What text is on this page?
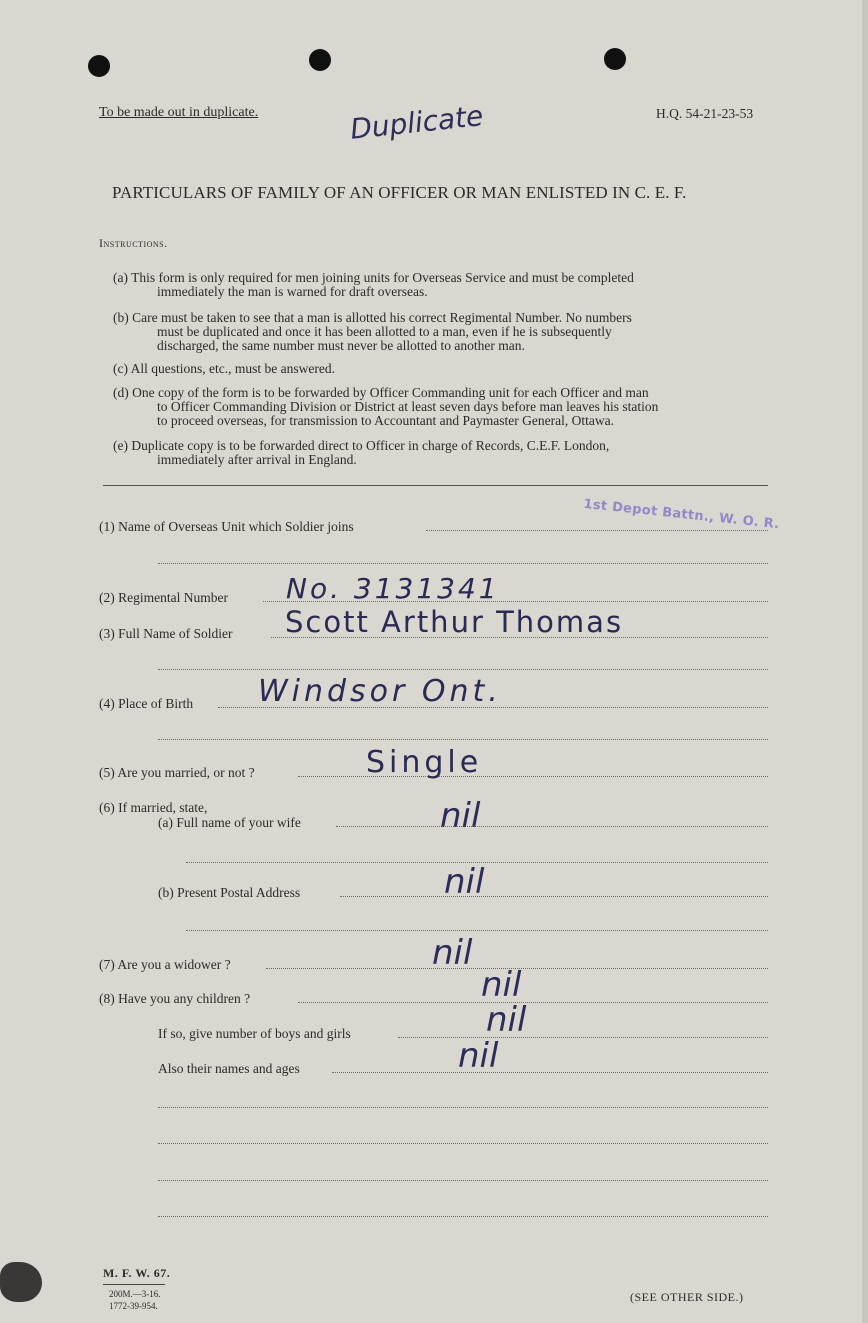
To be made out in duplicate.	Duplicate	H.Q. 54-21-23-53
PARTICULARS OF FAMILY OF AN OFFICER OR MAN ENLISTED IN C. E. F.
Instructions.
(a) This form is only required for men joining units for Overseas Service and must be completed
immediately the man is warned for draft overseas.
(b) Care must be taken to see that a man is allotted his correct Regimental Number. No numbers
must be duplicated and once it has been allotted to a man, even if he is subsequently
discharged, the same number must never be allotted to another man.
(c) All questions, etc., must be answered.
(d) One copy of the form is to be forwarded by Officer Commanding unit for each Officer and man
to Officer Commanding Division or District at least seven days before man leaves his station
to proceed overseas, for transmission to Accountant and Paymaster General, Ottawa.
(e) Duplicate copy is to be forwarded direct to Officer in charge of Records, C.E.F. London,
immediately after arrival in England.
(1) Name of Overseas Unit which Soldier joins	1st Depot Battn., W. O. R.
(2) Regimental Number No. 3131341
(3) Full Name of Soldier Scott Arthur Thomas
(4) Place of Birth Windsor Ont.
(5) Are you married, or not ?	Single
(6) If married, state,
(a) Full name of your wife	nil
(b) Present Postal Address	nil
(7) Are you a widower ?	nil
(8) Have you any children ?	nil
If so, give number of boys and girls	nil
Also their names and ages	nil
M. F. W. 67.
200M.—3-16.
1772-39-954.
(SEE OTHER SIDE.)
